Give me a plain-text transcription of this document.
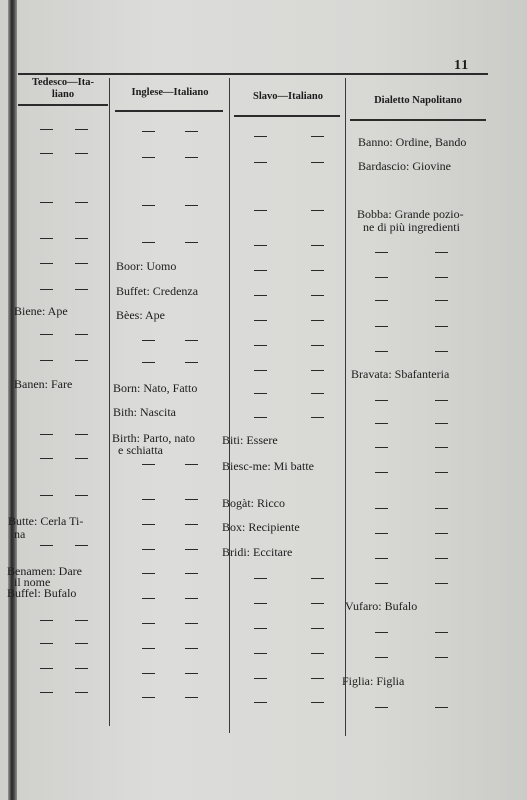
11
Tedesco—Ita-
liano	Inglese—Italiano	Slavo—Italiano	Dialetto Napolitano
Biene: Ape
Banen: Fare
Butte: Cerla Ti-
na
Benamen: Dare
il nome
Buffel: Bufalo
Boor: Uomo
Buffet: Credenza
Bèes: Ape
Born: Nato, Fatto
Bith: Nascita
Birth: Parto, nato
e schiatta
Biti: Essere
Biesc-me: Mi batte
Bogàt: Ricco
Box: Recipiente
Bridi: Eccitare
Banno: Ordine, Bando
Bardascio: Giovine
Bobba: Grande pozio-
ne di più ingredienti
Bravata: Sbafanteria
Vufaro: Bufalo
Figlia: Figlia
